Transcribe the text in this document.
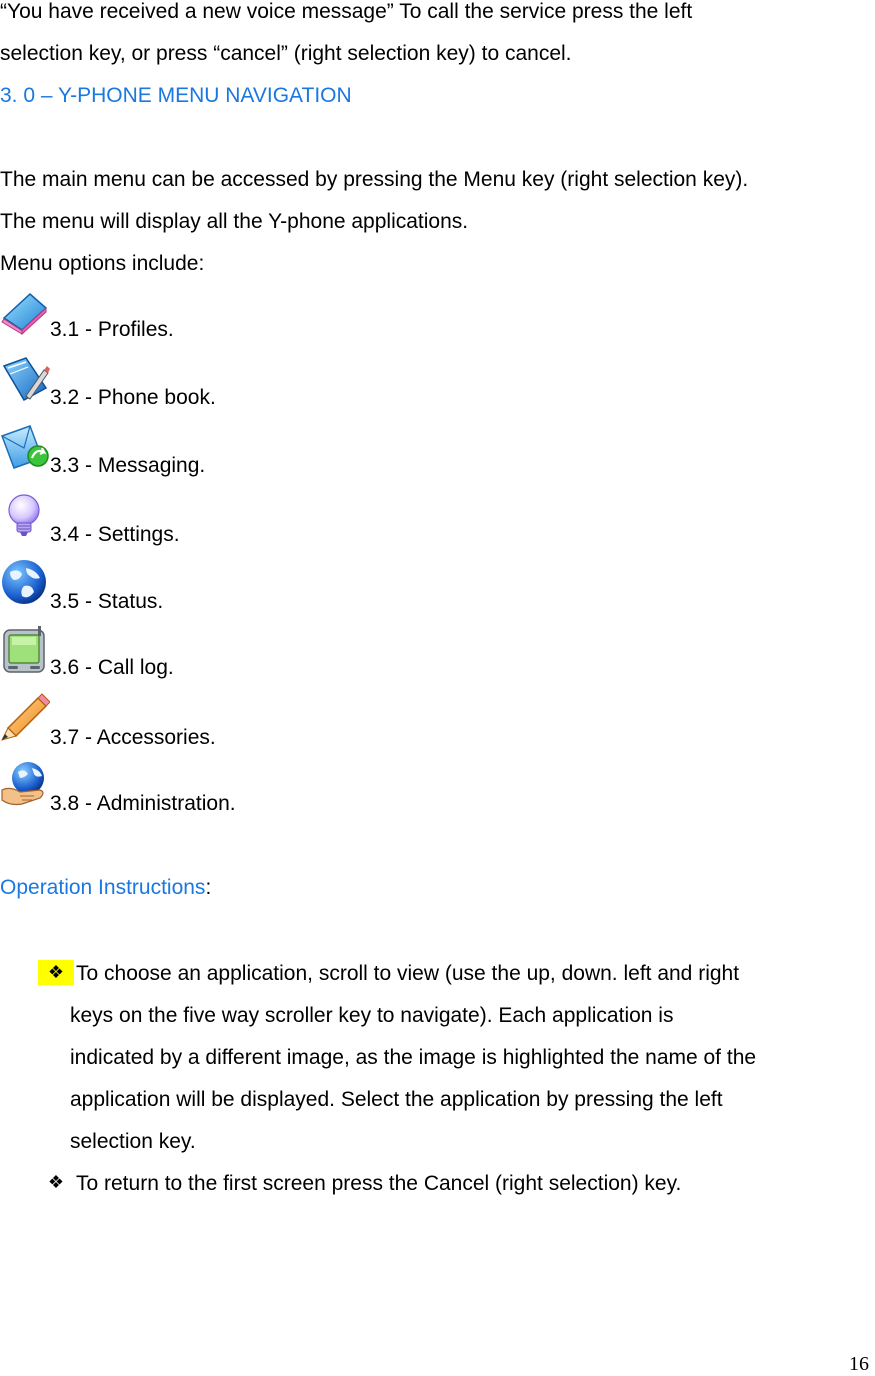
“You have received a new voice message” To call the service press the left
selection key, or press “cancel” (right selection key) to cancel.
3. 0 – Y-PHONE MENU NAVIGATION
The main menu can be accessed by pressing the Menu key (right selection key).
The menu will display all the Y-phone applications.
Menu options include:
3.1 - Profiles.
3.2 - Phone book.
3.3 - Messaging.
3.4 - Settings.
3.5 - Status.
3.6 - Call log.
3.7 - Accessories.
3.8 - Administration.
Operation Instructions:
❖ To choose an application, scroll to view (use the up, down. left and right
keys on the five way scroller key to navigate). Each application is
indicated by a different image, as the image is highlighted the name of the
application will be displayed. Select the application by pressing the left
selection key.
❖ To return to the first screen press the Cancel (right selection) key.
16
